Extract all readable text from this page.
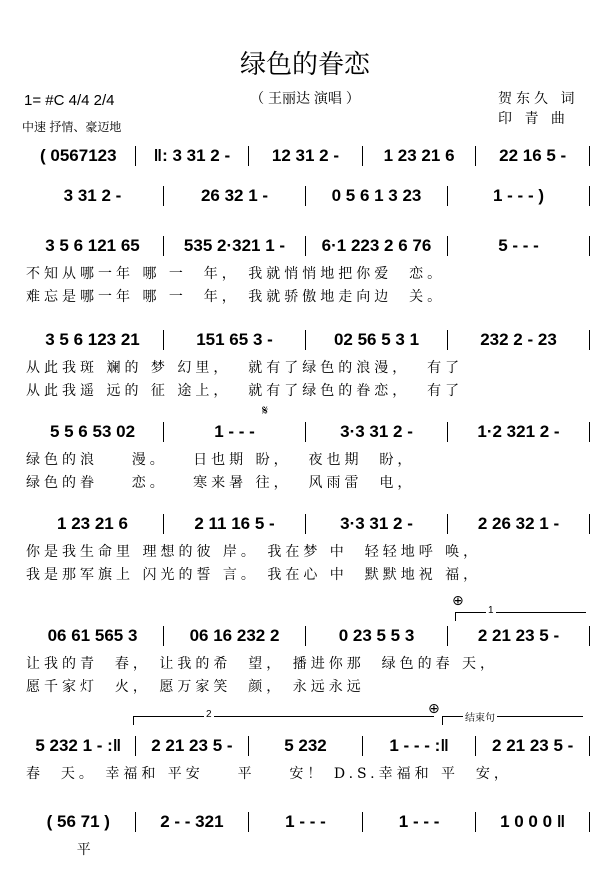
绿色的眷恋
（ 王丽达 演唱 ）
1= #C 4/4 2/4
中速 抒情、豪迈地
贺东久 词
印 青 曲
𝄋
⊕
⊕
1
2	结束句
( 0567123	‖: 3 31 2 -	12 31 2 -	1 23 21 6	22 16 5 -
3 31 2 -	26 32 1 -	0 5 6 1 3 23	1 - - - )
3 5 6 121 65	535 2·321 1 -	6·1 223 2 6 76	5 - - -
不知从哪一年 哪 一  年， 我就悄悄地把你爱  恋。
难忘是哪一年 哪 一  年， 我就骄傲地走向边  关。
3 5 6 123 21	151 65 3 -	02 56 5 3 1	232 2 - 23
从此我斑 斓的 梦 幻里，  就有了绿色的浪漫，  有了
从此我遥 远的 征 途上，  就有了绿色的眷恋，  有了
5 5 6 53 02	1 - - -	3·3 31 2 -	1·2 321 2 -
绿色的浪    漫。   日也期 盼，  夜也期  盼，
绿色的眷    恋。   寒来暑 往，  风雨雷  电，
1 23 21 6	2 11 16 5 -	3·3 31 2 -	2 26 32 1 -
你是我生命里 理想的彼 岸。 我在梦 中  轻轻地呼 唤，
我是那军旗上 闪光的誓 言。 我在心 中  默默地祝 福，
06 61 565 3	06 16 232 2	0 23 5 5 3	2 21 23 5 -
让我的青  春， 让我的希  望， 播进你那  绿色的春 天，
愿千家灯  火， 愿万家笑  颜， 永远永远
5 232 1 - :‖	2 21 23 5 -	5 232	1 - - - :‖	2 21 23 5 -
春  天。 幸福和 平安    平    安！ D.S.幸福和 平  安，
( 56 71 )	2 - - 321	1 - - -	1 - - -	1 0 0 0 ‖
平
